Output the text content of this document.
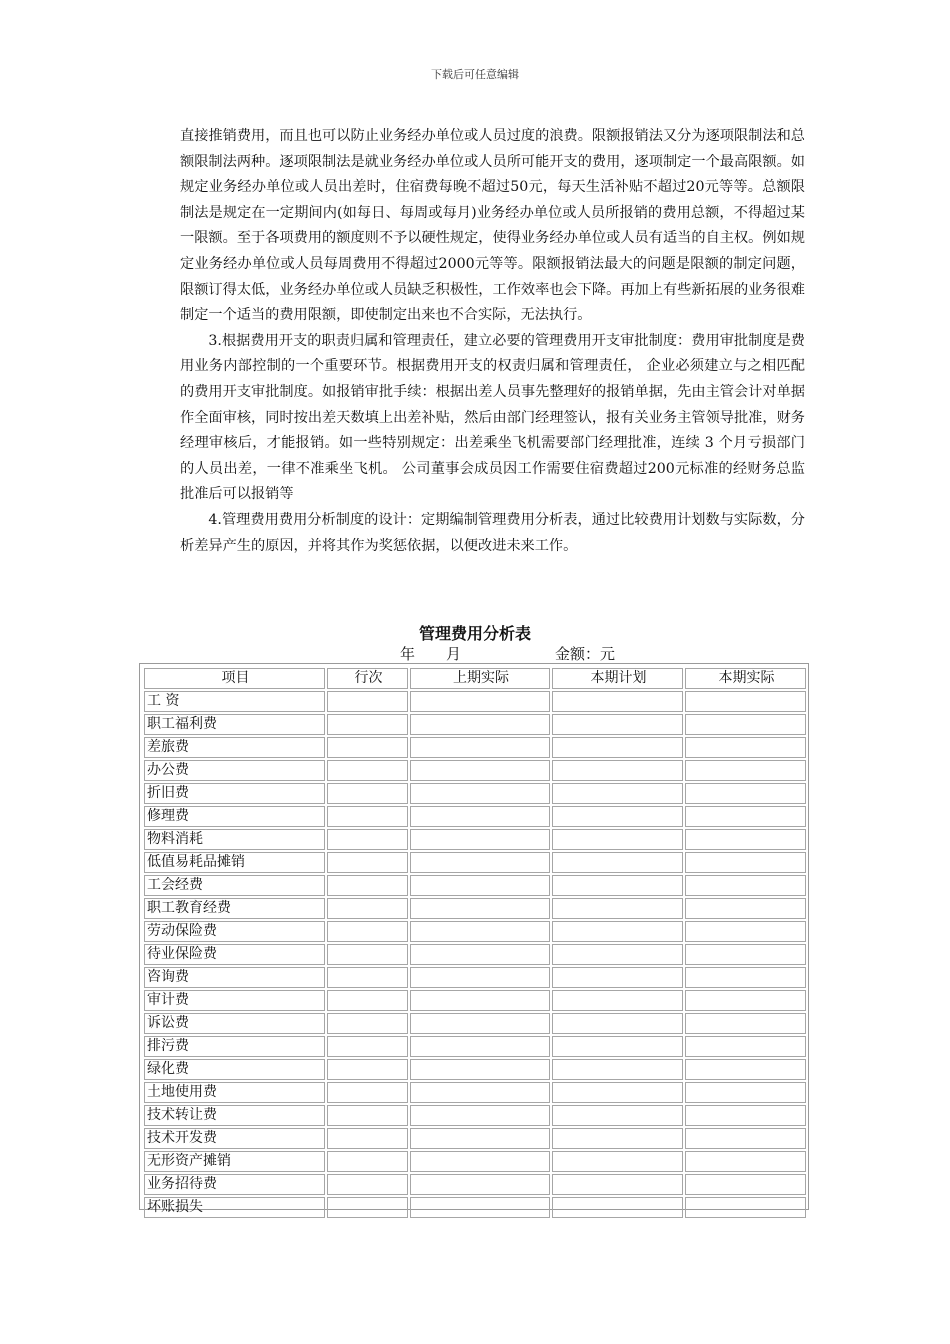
下载后可任意编辑

直接推销费用，而且也可以防止业务经办单位或人员过度的浪费。限额报销法又分为逐项限制法和总额限制法两种。逐项限制法是就业务经办单位或人员所可能开支的费用，逐项制定一个最高限额。如规定业务经办单位或人员出差时，住宿费每晚不超过50元，每天生活补贴不超过20元等等。总额限制法是规定在一定期间内(如每日、每周或每月)业务经办单位或人员所报销的费用总额，不得超过某一限额。至于各项费用的额度则不予以硬性规定，使得业务经办单位或人员有适当的自主权。例如规定业务经办单位或人员每周费用不得超过2000元等等。限额报销法最大的问题是限额的制定问题，限额订得太低，业务经办单位或人员缺乏积极性，工作效率也会下降。再加上有些新拓展的业务很难制定一个适当的费用限额，即使制定出来也不合实际，无法执行。

3.根据费用开支的职责归属和管理责任，建立必要的管理费用开支审批制度：费用审批制度是费用业务内部控制的一个重要环节。根据费用开支的权责归属和管理责任， 企业必须建立与之相匹配的费用开支审批制度。如报销审批手续：根据出差人员事先整理好的报销单据，先由主管会计对单据作全面审核，同时按出差天数填上出差补贴，然后由部门经理签认，报有关业务主管领导批准，财务经理审核后，才能报销。如一些特别规定：出差乘坐飞机需要部门经理批准，连续 3 个月亏损部门的人员出差，一律不准乘坐飞机。 公司董事会成员因工作需要住宿费超过200元标准的经财务总监批准后可以报销等

4.管理费用费用分析制度的设计：定期编制管理费用分析表，通过比较费用计划数与实际数，分析差异产生的原因，并将其作为奖惩依据，以便改进未来工作。

管理费用分析表
年 月	金额：元
项目	行次	上期实际	本期计划	本期实际
工 资				
职工福利费				
差旅费				
办公费				
折旧费				
修理费				
物料消耗				
低值易耗品摊销				
工会经费				
职工教育经费				
劳动保险费				
待业保险费				
咨询费				
审计费				
诉讼费				
排污费				
绿化费				
土地使用费				
技术转让费				
技术开发费				
无形资产摊销				
业务招待费				
坏账损失				
